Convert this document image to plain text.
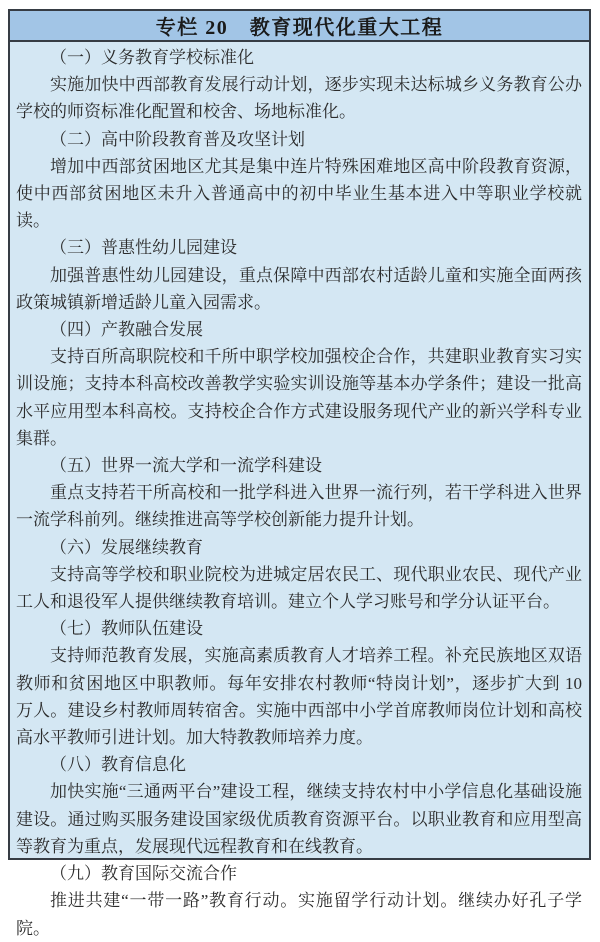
专栏 20　教育现代化重大工程
（一）义务教育学校标准化

实施加快中西部教育发展行动计划，逐步实现未达标城乡义务教育公办学校的师资标准化配置和校舍、场地标准化。

（二）高中阶段教育普及攻坚计划

增加中西部贫困地区尤其是集中连片特殊困难地区高中阶段教育资源，使中西部贫困地区未升入普通高中的初中毕业生基本进入中等职业学校就读。

（三）普惠性幼儿园建设

加强普惠性幼儿园建设，重点保障中西部农村适龄儿童和实施全面两孩政策城镇新增适龄儿童入园需求。

（四）产教融合发展

支持百所高职院校和千所中职学校加强校企合作，共建职业教育实习实训设施；支持本科高校改善教学实验实训设施等基本办学条件；建设一批高水平应用型本科高校。支持校企合作方式建设服务现代产业的新兴学科专业集群。

（五）世界一流大学和一流学科建设

重点支持若干所高校和一批学科进入世界一流行列，若干学科进入世界一流学科前列。继续推进高等学校创新能力提升计划。

（六）发展继续教育

支持高等学校和职业院校为进城定居农民工、现代职业农民、现代产业工人和退役军人提供继续教育培训。建立个人学习账号和学分认证平台。

（七）教师队伍建设

支持师范教育发展，实施高素质教育人才培养工程。补充民族地区双语教师和贫困地区中职教师。每年安排农村教师“特岗计划”，逐步扩大到 10 万人。建设乡村教师周转宿舍。实施中西部中小学首席教师岗位计划和高校高水平教师引进计划。加大特教教师培养力度。

（八）教育信息化

加快实施“三通两平台”建设工程，继续支持农村中小学信息化基础设施建设。通过购买服务建设国家级优质教育资源平台。以职业教育和应用型高等教育为重点，发展现代远程教育和在线教育。

（九）教育国际交流合作

推进共建“一带一路”教育行动。实施留学行动计划。继续办好孔子学院。
